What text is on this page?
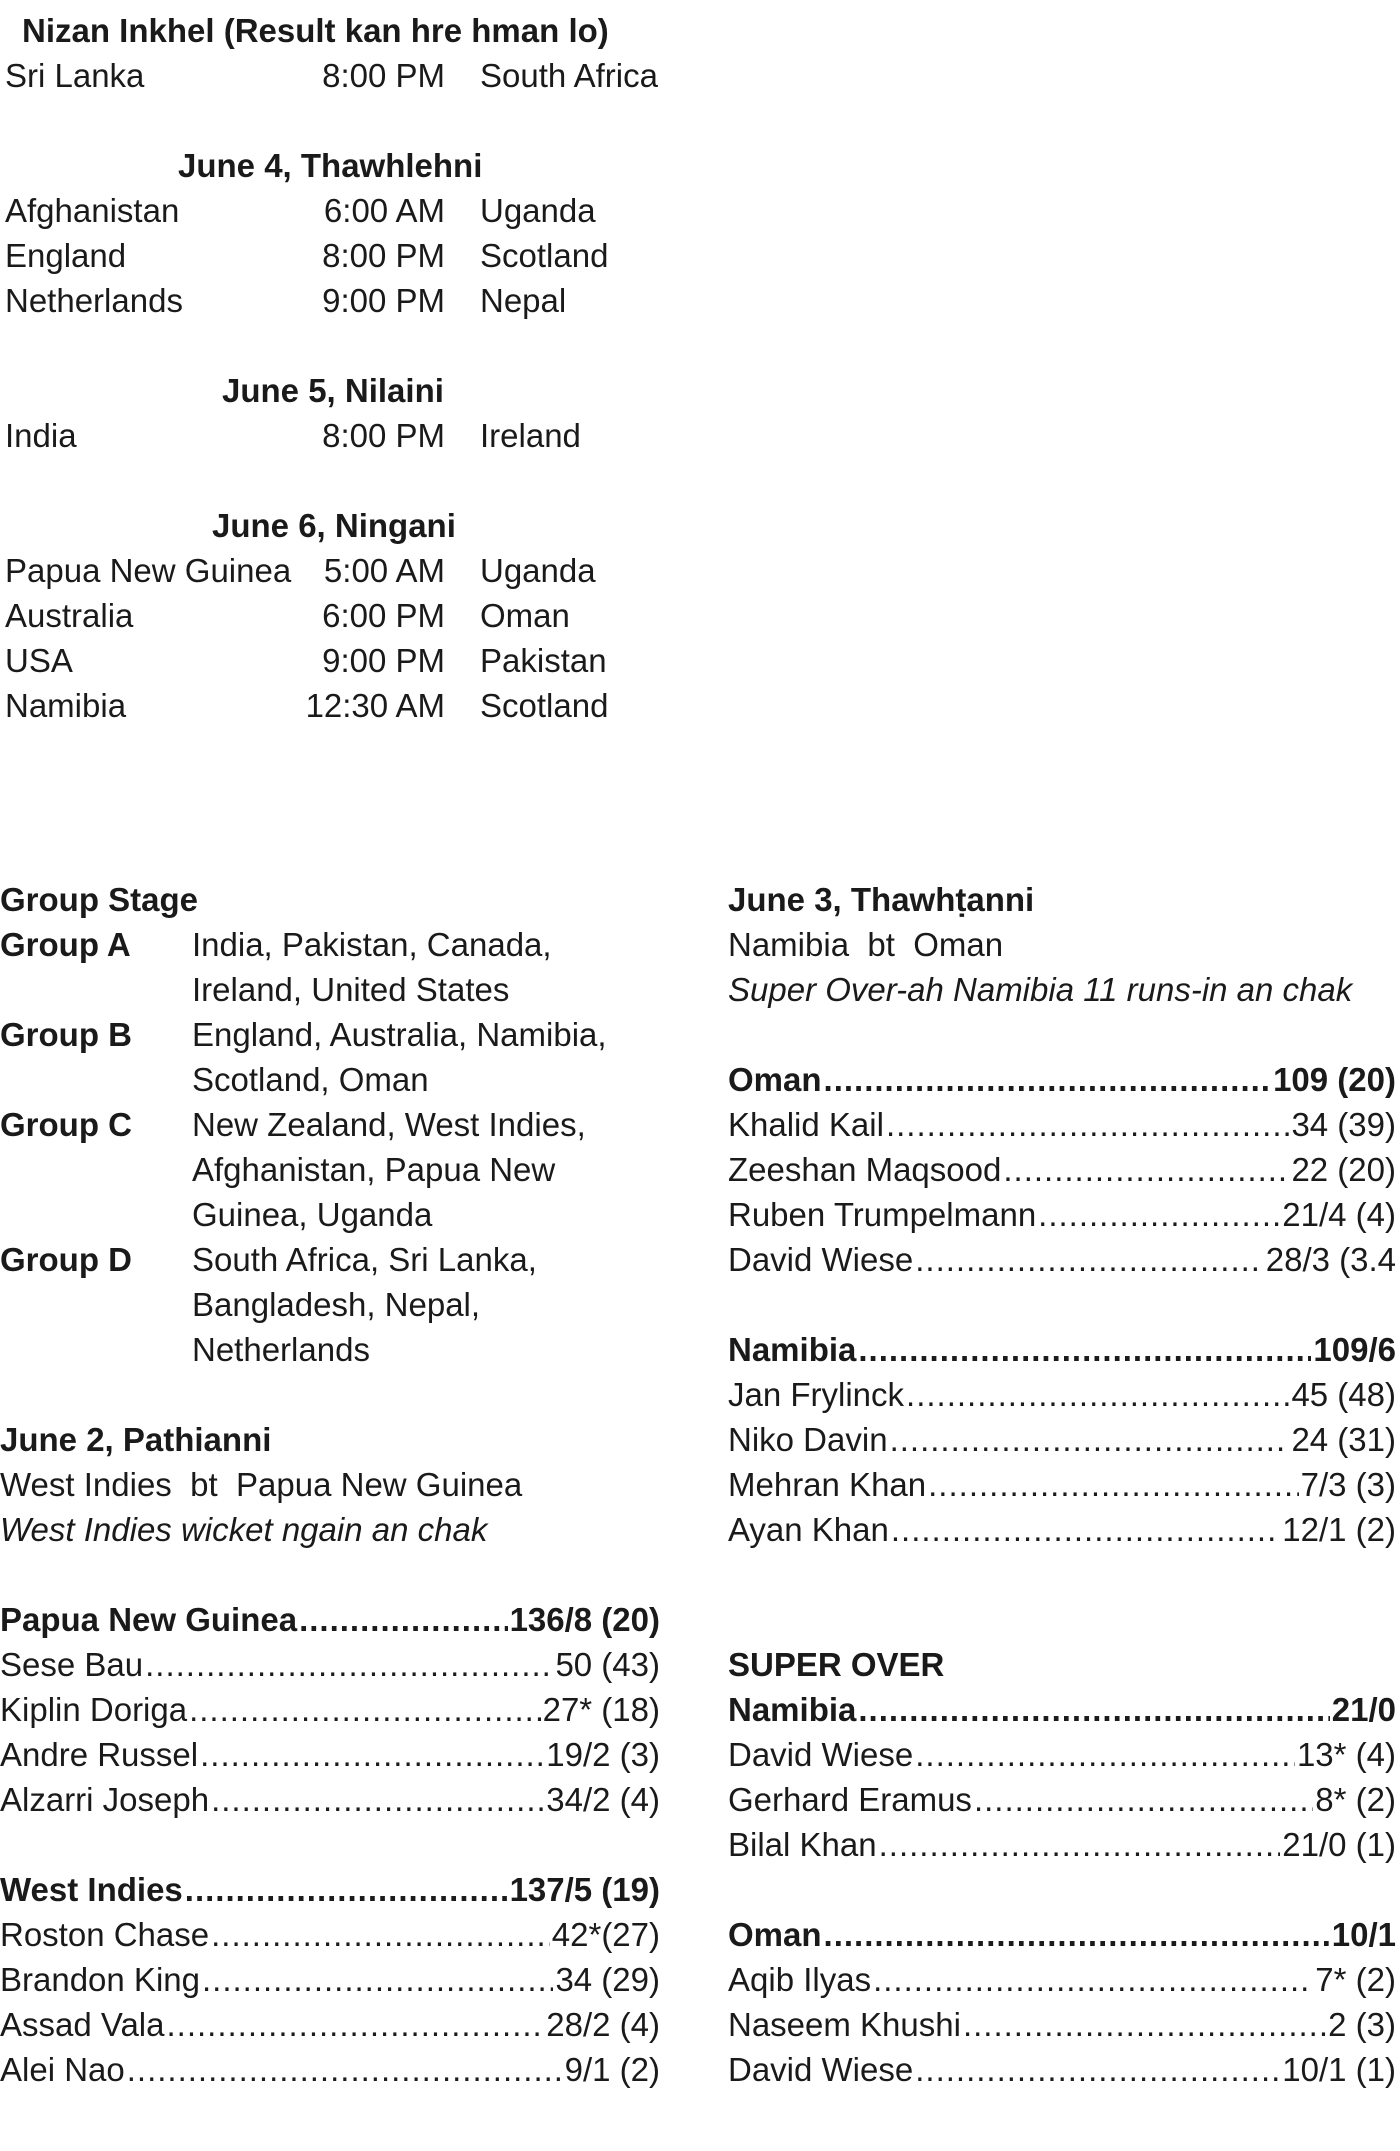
Nizan Inkhel (Result kan hre hman lo)
Sri Lanka	8:00 PM South Africa
June 4, Thawhlehni
Afghanistan	6:00 AM Uganda
England	8:00 PM Scotland
Netherlands	9:00 PM Nepal
June 5, Nilaini
India	8:00 PM Ireland
June 6, Ningani
Papua New Guinea 5:00 AM Uganda
Australia	6:00 PM Oman
USA	9:00 PM Pakistan
Namibia	12:30 AM Scotland
Group Stage
Group A India, Pakistan, Canada,
Ireland, United States
Group B England, Australia, Namibia,
Scotland, Oman
Group C New Zealand, West Indies,
Afghanistan, Papua New
Guinea, Uganda
Group D South Africa, Sri Lanka,
Bangladesh, Nepal,
Netherlands
June 2, Pathianni
West Indies bt Papua New Guinea
West Indies wicket ngain an chak
Papua New Guinea .....	136/8 (20)
Sese Bau .....	50 (43)
Kiplin Doriga .....	27* (18)
Andre Russel .....	19/2 (3)
Alzarri Joseph .....	34/2 (4)
West Indies .....	137/5 (19)
Roston Chase .....	42*(27)
Brandon King .....	34 (29)
Assad Vala .....	28/2 (4)
Alei Nao .....	9/1 (2)
June 3, Thawhṭanni
Namibia bt Oman
Super Over-ah Namibia 11 runs-in an chak
Oman .....	109 (20)
Khalid Kail .....	34 (39)
Zeeshan Maqsood .....	22 (20)
Ruben Trumpelmann .....	21/4 (4)
David Wiese .....	28/3 (3.4
Namibia .....	109/6
Jan Frylinck .....	45 (48)
Niko Davin .....	24 (31)
Mehran Khan .....	7/3 (3)
Ayan Khan .....	12/1 (2)
SUPER OVER
Namibia .....	21/0
David Wiese .....	13* (4)
Gerhard Eramus .....	8* (2)
Bilal Khan .....	21/0 (1)
Oman .....	10/1
Aqib Ilyas .....	7* (2)
Naseem Khushi .....	2 (3)
David Wiese .....	10/1 (1)
